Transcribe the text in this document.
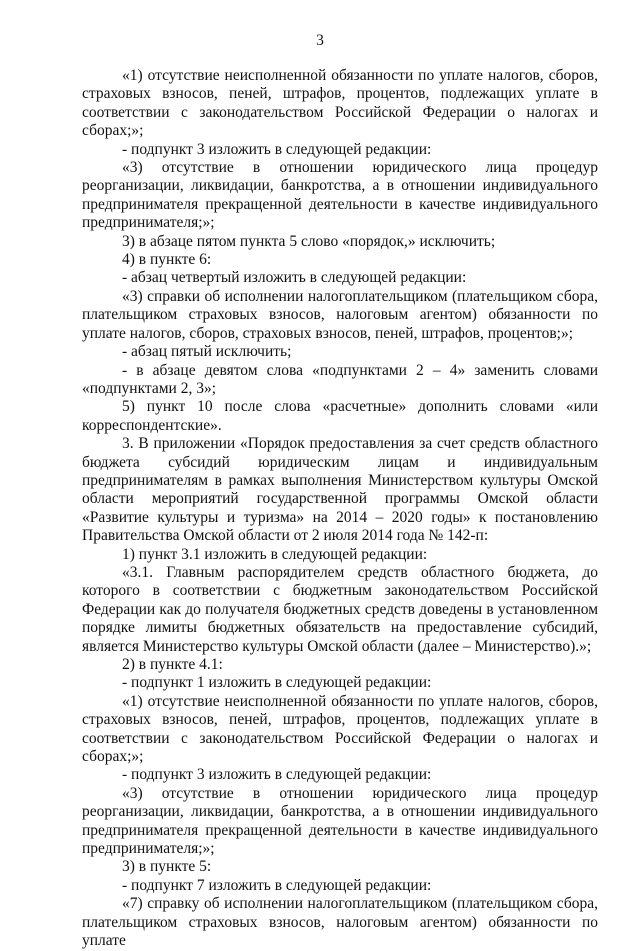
3

«1) отсутствие неисполненной обязанности по уплате налогов, сборов, страховых взносов, пеней, штрафов, процентов, подлежащих уплате в соответствии с законодательством Российской Федерации о налогах и сборах;»;

- подпункт 3 изложить в следующей редакции:

«3) отсутствие в отношении юридического лица процедур реорганизации, ликвидации, банкротства, а в отношении индивидуального предпринимателя прекращенной деятельности в качестве индивидуального предпринимателя;»;

3) в абзаце пятом пункта 5 слово «порядок,» исключить;

4) в пункте 6:

- абзац четвертый изложить в следующей редакции:

«3) справки об исполнении налогоплательщиком (плательщиком сбора, плательщиком страховых взносов, налоговым агентом) обязанности по уплате налогов, сборов, страховых взносов, пеней, штрафов, процентов;»;

- абзац пятый исключить;

- в абзаце девятом слова «подпунктами 2 – 4» заменить словами «подпунктами 2, 3»;

5) пункт 10 после слова «расчетные» дополнить словами «или корреспондентские».

3. В приложении «Порядок предоставления за счет средств областного бюджета субсидий юридическим лицам и индивидуальным предпринимателям в рамках выполнения Министерством культуры Омской области мероприятий государственной программы Омской области «Развитие культуры и туризма» на 2014 – 2020 годы» к постановлению Правительства Омской области от 2 июля 2014 года № 142-п:

1) пункт 3.1 изложить в следующей редакции:

«3.1. Главным распорядителем средств областного бюджета, до которого в соответствии с бюджетным законодательством Российской Федерации как до получателя бюджетных средств доведены в установленном порядке лимиты бюджетных обязательств на предоставление субсидий, является Министерство культуры Омской области (далее – Министерство).»;

2) в пункте 4.1:

- подпункт 1 изложить в следующей редакции:

«1) отсутствие неисполненной обязанности по уплате налогов, сборов, страховых взносов, пеней, штрафов, процентов, подлежащих уплате в соответствии с законодательством Российской Федерации о налогах и сборах;»;

- подпункт 3 изложить в следующей редакции:

«3) отсутствие в отношении юридического лица процедур реорганизации, ликвидации, банкротства, а в отношении индивидуального предпринимателя прекращенной деятельности в качестве индивидуального предпринимателя;»;

3) в пункте 5:

- подпункт 7 изложить в следующей редакции:

«7) справку об исполнении налогоплательщиком (плательщиком сбора, плательщиком страховых взносов, налоговым агентом) обязанности по уплате
